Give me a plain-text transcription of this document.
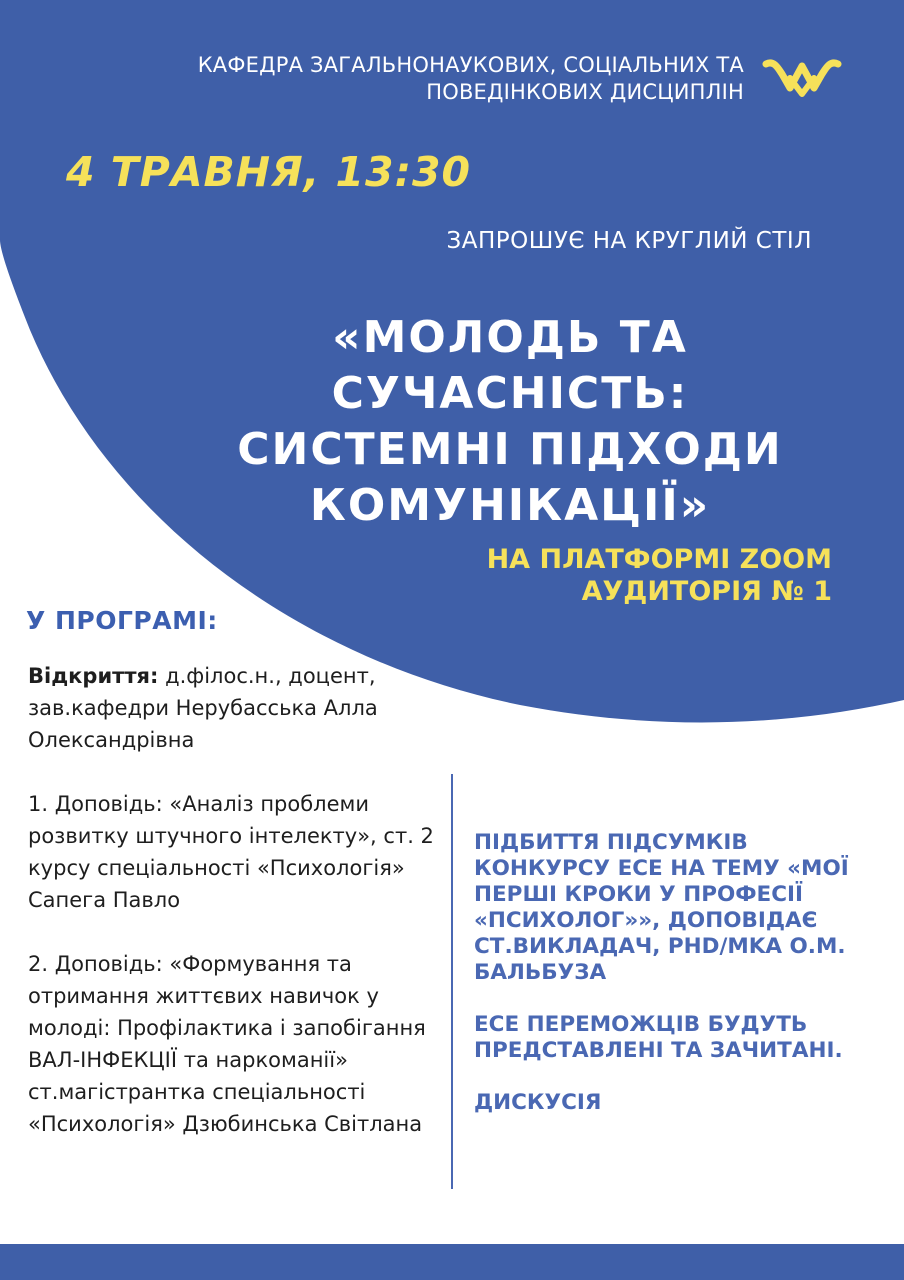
КАФЕДРА ЗАГАЛЬНОНАУКОВИХ, СОЦІАЛЬНИХ ТА
ПОВЕДІНКОВИХ ДИСЦИПЛІН
4 ТРАВНЯ, 13:30
ЗАПРОШУЄ НА КРУГЛИЙ СТІЛ
«МОЛОДЬ ТА СУЧАСНІСТЬ:
СИСТЕМНІ ПІДХОДИ
КОМУНІКАЦІЇ»
НА ПЛАТФОРМІ ZOOM
АУДИТОРІЯ № 1
У ПРОГРАМІ:

Відкриття: д.філос.н., доцент, зав.кафедри Нерубасська Алла Олександрівна

1. Доповідь: «Аналіз проблеми розвитку штучного інтелекту», ст. 2 курсу спеціальності «Психологія» Сапега Павло

2. Доповідь: «Формування та отримання життєвих навичок у молоді: Профілактика і запобігання ВАЛ-ІНФЕКЦІЇ та наркоманії» ст.магістрантка спеціальності «Психологія» Дзюбинська Світлана

ПІДБИТТЯ ПІДСУМКІВ КОНКУРСУ ЕСЕ НА ТЕМУ «МОЇ ПЕРШІ КРОКИ У ПРОФЕСІЇ «ПСИХОЛОГ»», ДОПОВІДАЄ СТ.ВИКЛАДАЧ, PHD/MKA О.М. БАЛЬБУЗА

ЕСЕ ПЕРЕМОЖЦІВ БУДУТЬ ПРЕДСТАВЛЕНІ ТА ЗАЧИТАНІ.

ДИСКУСІЯ
